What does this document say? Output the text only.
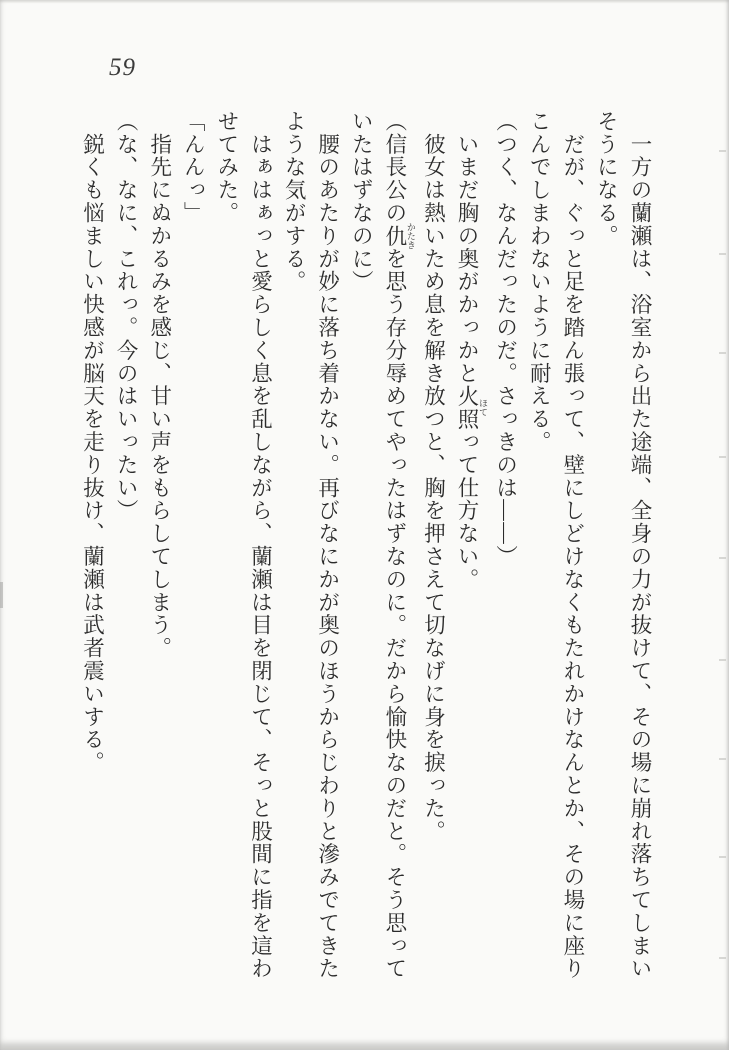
59

　一方の蘭瀬は、浴室から出た途端、全身の力が抜けて、その場に崩れ落ちてしまい

そうになる。

　だが、ぐっと足を踏ん張って、壁にしどけなくもたれかけなんとか、その場に座り

こんでしまわないように耐える。

（つく、なんだったのだ。さっきのは――）

　いまだ胸の奥がかっかと火照 ほてって仕方ない。

　彼女は熱いため息を解き放つと、胸を押さえて切なげに身を捩った。

（信長公の仇 かたきを思う存分辱めてやったはずなのに。だから愉快なのだと。そう思って

いたはずなのに）

　腰のあたりが妙に落ち着かない。再びなにかが奥のほうからじわりと滲みでてきた

ような気がする。

　はぁはぁっと愛らしく息を乱しながら、蘭瀬は目を閉じて、そっと股間に指を這わ

せてみた。

「んんっ」

　指先にぬかるみを感じ、甘い声をもらしてしまう。

（な、なに、これっ。今のはいったい）

　鋭くも悩ましい快感が脳天を走り抜け、蘭瀬は武者震いする。
